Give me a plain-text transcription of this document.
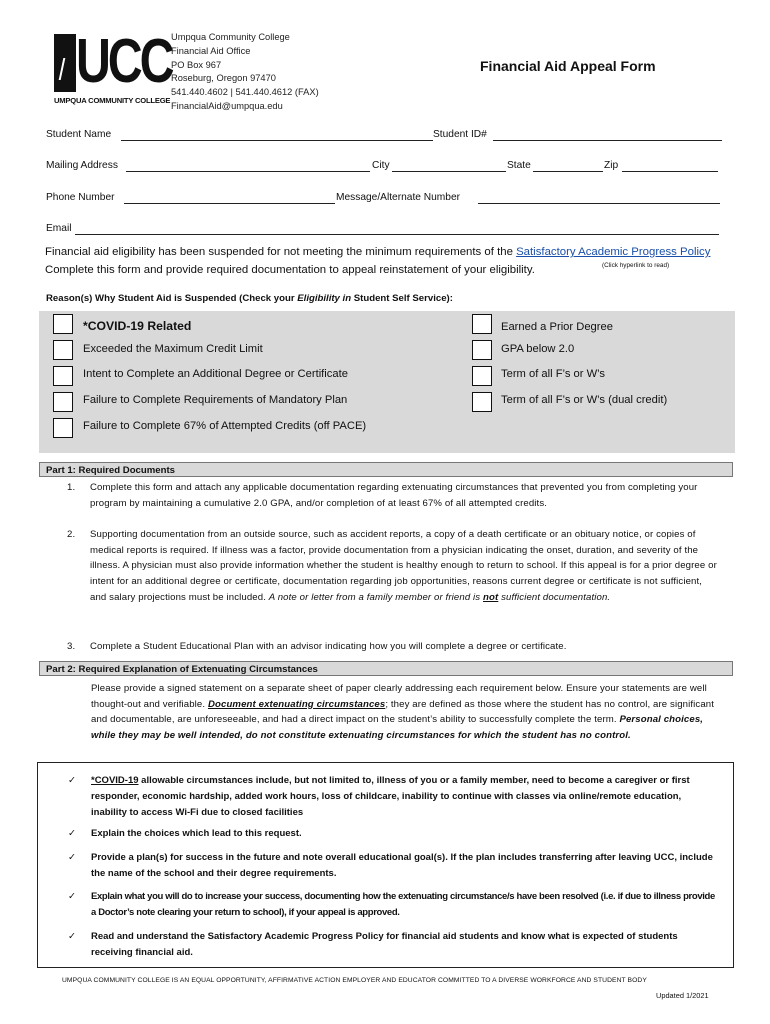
UCC
UMPQUA COMMUNITY COLLEGE
Umpqua Community College
Financial Aid Office
PO Box 967
Roseburg, Oregon 97470
541.440.4602 | 541.440.4612 (FAX)
FinancialAid@umpqua.edu
Financial Aid Appeal Form
Student Name	Student ID#
Mailing Address	City	State	Zip
Phone Number	Message/Alternate Number
Email
Financial aid eligibility has been suspended for not meeting the minimum requirements of the Satisfactory Academic Progress Policy
Complete this form and provide required documentation to appeal reinstatement of your eligibility.	(Click hyperlink to read)
Reason(s) Why Student Aid is Suspended (Check your Eligibility in Student Self Service):
*COVID-19 Related
Exceeded the Maximum Credit Limit
Intent to Complete an Additional Degree or Certificate
Failure to Complete Requirements of Mandatory Plan
Failure to Complete 67% of Attempted Credits (off PACE)
Earned a Prior Degree
GPA below 2.0
Term of all F’s or W’s
Term of all F’s or W’s (dual credit)
Part 1: Required Documents
1. Complete this form and attach any applicable documentation regarding extenuating circumstances that prevented you from completing your program by maintaining a cumulative 2.0 GPA, and/or completion of at least 67% of all attempted credits.
2. Supporting documentation from an outside source, such as accident reports, a copy of a death certificate or an obituary notice, or copies of medical reports is required. If illness was a factor, provide documentation from a physician indicating the onset, duration, and severity of the illness. A physician must also provide information whether the student is healthy enough to return to school. If this appeal is for a prior degree or intent for an additional degree or certificate, documentation regarding job opportunities, reasons current degree or certificate is not sufficient, and salary projections must be included. A note or letter from a family member or friend is not sufficient documentation.
3. Complete a Student Educational Plan with an advisor indicating how you will complete a degree or certificate.
Part 2: Required Explanation of Extenuating Circumstances
Please provide a signed statement on a separate sheet of paper clearly addressing each requirement below. Ensure your statements are well thought-out and verifiable. Document extenuating circumstances; they are defined as those where the student has no control, are significant and documentable, are unforeseeable, and had a direct impact on the student’s ability to successfully complete the term. Personal choices, while they may be well intended, do not constitute extenuating circumstances for which the student has no control.
✓ *COVID-19 allowable circumstances include, but not limited to, illness of you or a family member, need to become a caregiver or first responder, economic hardship, added work hours, loss of childcare, inability to continue with classes via online/remote education, inability to access Wi-Fi due to closed facilities
✓ Explain the choices which lead to this request.
✓ Provide a plan(s) for success in the future and note overall educational goal(s). If the plan includes transferring after leaving UCC, include the name of the school and their degree requirements.
✓ Explain what you will do to increase your success, documenting how the extenuating circumstance/s have been resolved (i.e. if due to illness provide a Doctor’s note clearing your return to school), if your appeal is approved.
✓ Read and understand the Satisfactory Academic Progress Policy for financial aid students and know what is expected of students receiving financial aid.
UMPQUA COMMUNITY COLLEGE IS AN EQUAL OPPORTUNITY, AFFIRMATIVE ACTION EMPLOYER AND EDUCATOR COMMITTED TO A DIVERSE WORKFORCE AND STUDENT BODY
Updated 1/2021
